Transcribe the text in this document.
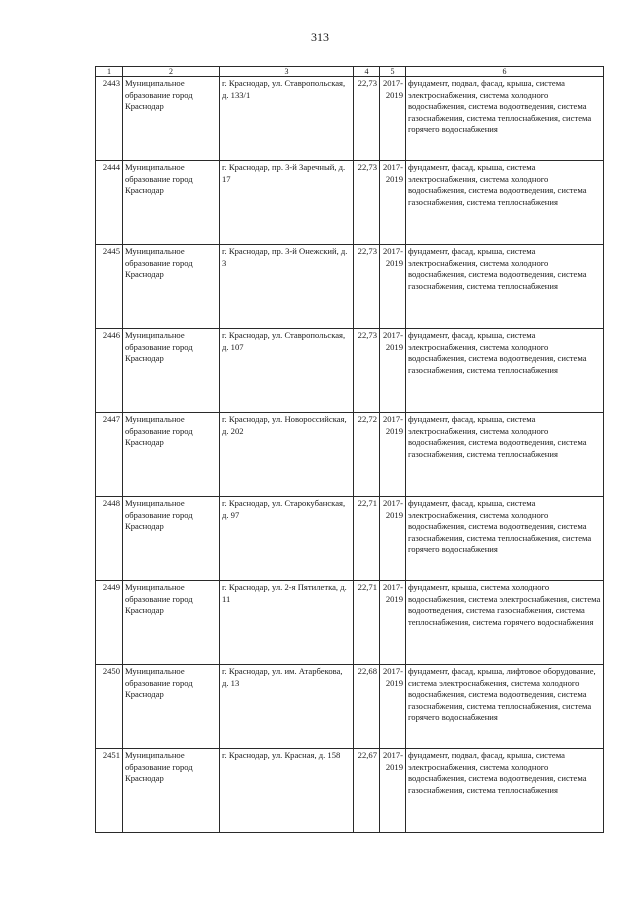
313
1	2	3	4	5	6
2443	Муниципальное образование город Краснодар	г. Краснодар, ул. Ставропольская, д. 133/1	22,73	2017-2019	фундамент, подвал, фасад, крыша, система электроснабжения, система холодного водоснабжения, система водоотведения, система газоснабжения, система теплоснабжения, система горячего водоснабжения
2444	Муниципальное образование город Краснодар	г. Краснодар, пр. 3-й Заречный, д. 17	22,73	2017-2019	фундамент, фасад, крыша, система электроснабжения, система холодного водоснабжения, система водоотведения, система газоснабжения, система теплоснабжения
2445	Муниципальное образование город Краснодар	г. Краснодар, пр. 3-й Онежский, д. 3	22,73	2017-2019	фундамент, фасад, крыша, система электроснабжения, система холодного водоснабжения, система водоотведения, система газоснабжения, система теплоснабжения
2446	Муниципальное образование город Краснодар	г. Краснодар, ул. Ставропольская, д. 107	22,73	2017-2019	фундамент, фасад, крыша, система электроснабжения, система холодного водоснабжения, система водоотведения, система газоснабжения, система теплоснабжения
2447	Муниципальное образование город Краснодар	г. Краснодар, ул. Новороссийская, д. 202	22,72	2017-2019	фундамент, фасад, крыша, система электроснабжения, система холодного водоснабжения, система водоотведения, система газоснабжения, система теплоснабжения
2448	Муниципальное образование город Краснодар	г. Краснодар, ул. Старокубанская, д. 97	22,71	2017-2019	фундамент, фасад, крыша, система электроснабжения, система холодного водоснабжения, система водоотведения, система газоснабжения, система теплоснабжения, система горячего водоснабжения
2449	Муниципальное образование город Краснодар	г. Краснодар, ул. 2-я Пятилетка, д. 11	22,71	2017-2019	фундамент, крыша, система холодного водоснабжения, система электроснабжения, система водоотведения, система газоснабжения, система теплоснабжения, система горячего водоснабжения
2450	Муниципальное образование город Краснодар	г. Краснодар, ул. им. Атарбекова, д. 13	22,68	2017-2019	фундамент, фасад, крыша, лифтовое оборудование, система электроснабжения, система холодного водоснабжения, система водоотведения, система газоснабжения, система теплоснабжения, система горячего водоснабжения
2451	Муниципальное образование город Краснодар	г. Краснодар, ул. Красная, д. 158	22,67	2017-2019	фундамент, подвал, фасад, крыша, система электроснабжения, система холодного водоснабжения, система водоотведения, система газоснабжения, система теплоснабжения
